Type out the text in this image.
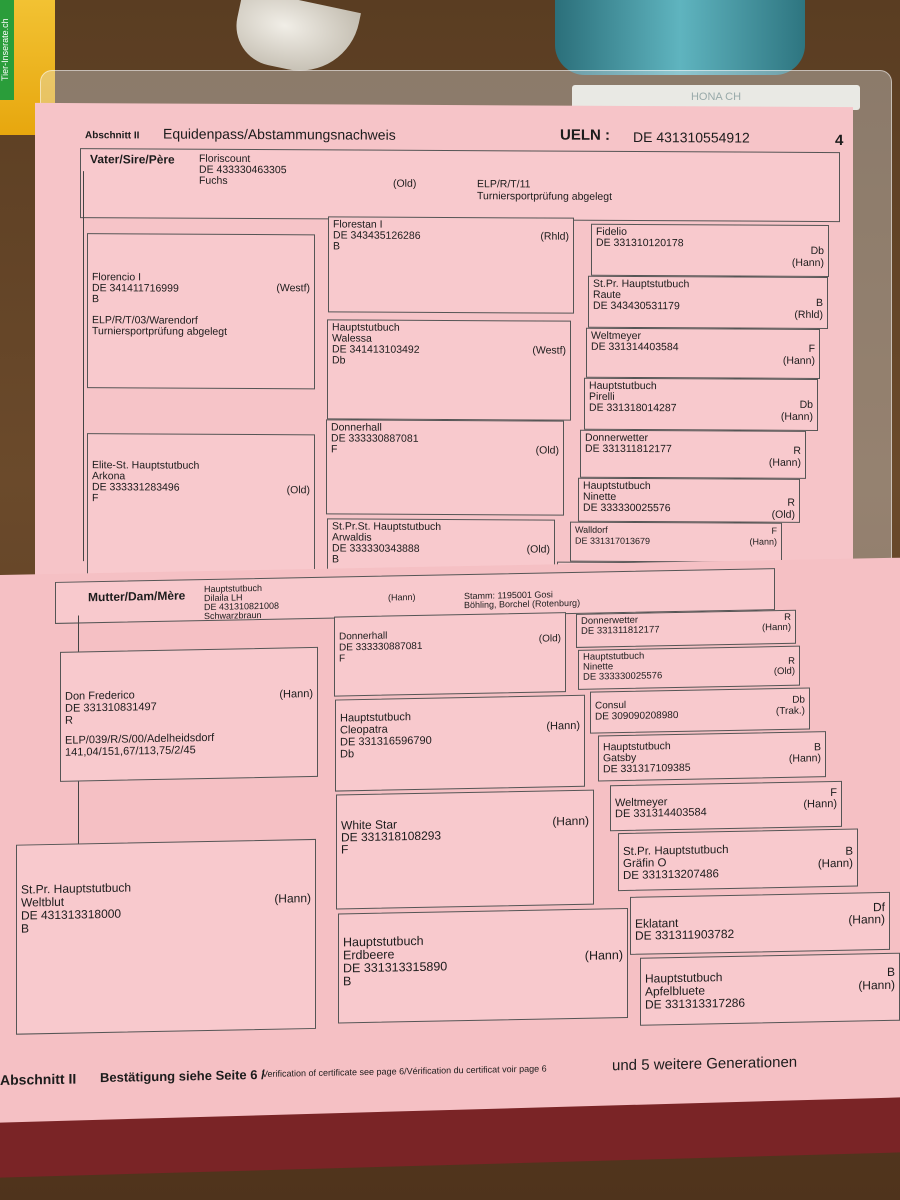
Tier-Inserate.ch
HONA CH
Abschnitt II Equidenpass/Abstammungsnachweis	UELN : DE 431310554912	4
Vater/Sire/Père Floriscount
DE 433330463305
Fuchs	(Old)	ELP/R/T/11
Turniersportprüfung abgelegt
Florencio I
DE 341411716999
B
ELP/R/T/03/Warendorf
Turniersportprüfung abgelegt
(Westf)
Elite-St. Hauptstutbuch
Arkona
DE 333331283496
F
(Old)
Florestan I
DE 343435126286
B
(Rhld)
Hauptstutbuch
Walessa
DE 341413103492
Db
(Westf)
Donnerhall
DE 333330887081
F	(Old)
St.Pr.St. Hauptstutbuch
Arwaldis
DE 333330343888
B
(Old)
Fidelio
DE 331310120178
Db
(Hann)
St.Pr. Hauptstutbuch
Raute
DE 343430531179	B
(Rhld)
Weltmeyer
DE 331314403584	F
(Hann)
Hauptstutbuch
Pirelli
DE 331318014287	Db
(Hann)
Donnerwetter
DE 331311812177	R
(Hann)
Hauptstutbuch
Ninette
DE 333330025576	R
(Old)
Walldorf
DE 331317013679
F
(Hann)
Mutter/Dam/Mère Hauptstutbuch
Dilaila LH
DE 431310821008
Schwarzbraun
(Hann)	Stamm: 1195001 Gosi
Böhling, Borchel (Rotenburg)
Don Frederico
DE 331310831497
R
ELP/039/R/S/00/Adelheidsdorf
141,04/151,67/113,75/2/45
(Hann)
St.Pr. Hauptstutbuch
Weltblut
DE 431313318000
B
(Hann)
Donnerhall
DE 333330887081
F
(Old)
Hauptstutbuch
Cleopatra
DE 331316596790
Db
(Hann)
White Star
DE 331318108293
F
(Hann)
Hauptstutbuch
Erdbeere
DE 331313315890
B
(Hann)
Donnerwetter
DE 331311812177
R
(Hann)
Hauptstutbuch
Ninette
DE 333330025576
R
(Old)
Consul
DE 309090208980
Db
(Trak.)
Hauptstutbuch
Gatsby
DE 331317109385
B
(Hann)
Weltmeyer
DE 331314403584
F
(Hann)
St.Pr. Hauptstutbuch
Gräfin O
DE 331313207486
B
(Hann)
Eklatant
DE 331311903782
Df
(Hann)
Hauptstutbuch
Apfelbluete
DE 331313317286
B
(Hann)
Abschnitt II Bestätigung siehe Seite 6 /
Verification of certificate see page 6/Vérification du certificat voir page 6	und 5 weitere Generationen
